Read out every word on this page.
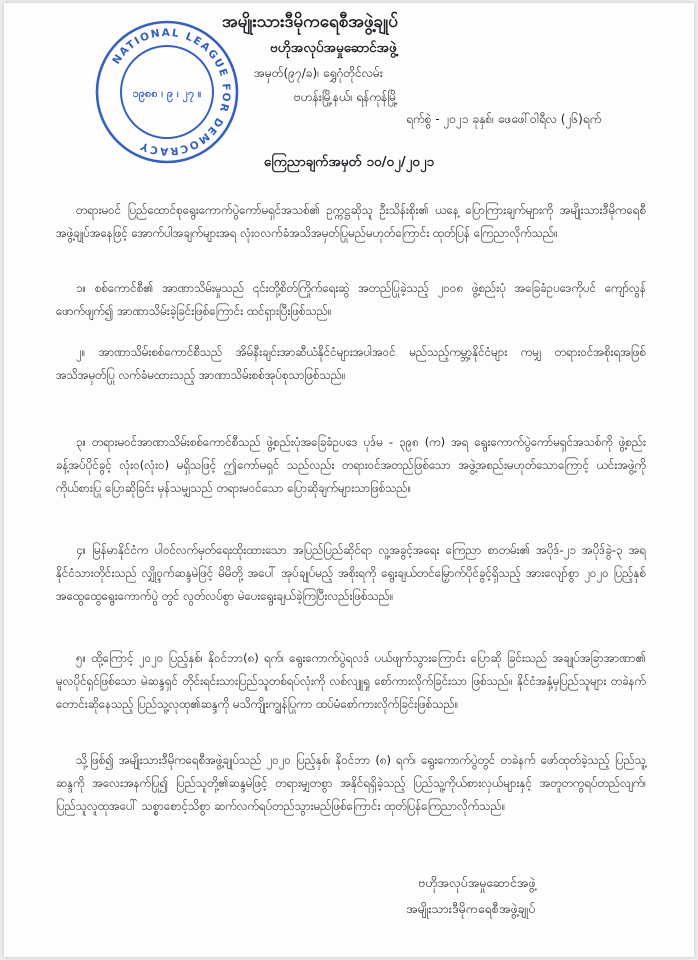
NATIONAL LEAGUE FOR DEMOCRACY
၁၉၈၈ ၊ ၉ ၊ ၂၇ ။
အမျိုးသားဒီမိုကရေစီအဖွဲ့ချုပ်
ဗဟိုအလုပ်အမှုဆောင်အဖွဲ့
အမှတ်(၉၇/ခ)၊ ရွှေဂုံတိုင်လမ်း
ဗဟန်းမြို့နယ်၊ ရန်ကုန်မြို့
ရက်စွဲ - ၂၀၂၁ ခုနှစ်၊ ဖေဖေါ်ဝါရီလ (၂၆)ရက်
ကြေညာချက်အမှတ် ၁၀/၀၂/၂၀၂၁
တရားမဝင် ပြည်ထောင်စုရွေးကောက်ပွဲကော်မရှင်အသစ်၏ ဥက္ကဋ္ဌဆိုသူ ဦးသိန်းစိုး၏ ယနေ့ ပြောကြားချက်များကို အမျိုးသားဒီမိုကရေစီအဖွဲ့ချုပ်အနေဖြင့် အောက်ပါအချက်များအရ လုံးဝလက်ခံအသိအမှတ်ပြုမည်မဟုတ်ကြောင်း ထုတ်ပြန် ကြေညာလိုက်သည်။
၁။ စစ်ကောင်စီ၏ အာဏာသိမ်းမှုသည် ၎င်းတို့စိတ်ကြိုက်ရေးဆွဲ အတည်ပြုခဲ့သည့် ၂၀၀၈ ဖွဲ့စည်းပုံ အခြေခံဥပဒေကိုပင် ကျော်လွန်ဖောက်ဖျက်၍ အာဏာသိမ်းခဲ့ခြင်းဖြစ်ကြောင်း ထင်ရှားပြီးဖြစ်သည်။
၂။ အာဏာသိမ်းစစ်ကောင်စီသည် အိမ်နီးချင်းအာဆီယံနိုင်ငံများအပါအဝင် မည်သည့်ကမ္ဘာ့နိုင်ငံများ ကမျှ တရားဝင်အစိုးရအဖြစ် အသိအမှတ်ပြု လက်ခံမထားသည့် အာဏာသိမ်းစစ်အုပ်စုသာဖြစ်သည်။
၃။ တရားမဝင်အာဏာသိမ်းစစ်ကောင်စီသည် ဖွဲ့စည်းပုံအခြေခံဥပဒေ ပုဒ်မ - ၃၉၈ (က) အရ ရွေးကောက်ပွဲကော်မရှင်အသစ်ကို ဖွဲ့စည်းခန့်အပ်ပိုင်ခွင့် လုံးဝ(လုံးဝ) မရှိသဖြင့် ဤကော်မရှင် သည်လည်း တရားဝင်အတည်ဖြစ်သော အဖွဲ့အစည်းမဟုတ်သောကြောင့် ယင်းအဖွဲ့ကို ကိုယ်စားပြု ပြောဆိုခြင်း မှန်သမျှသည် တရားမဝင်သော ပြောဆိုချက်များသာဖြစ်သည်။
၄။ မြန်မာနိုင်ငံက ပါဝင်လက်မှတ်ရေးထိုးထားသော အပြည်ပြည်ဆိုင်ရာ လူ့အခွင့်အရေး ကြေညာ စာတမ်း၏ အပိုဒ်-၂၁ အပိုဒ်ခွဲ-၃ အရ နိုင်ငံသားတိုင်းသည် လျှို့ဝှက်ဆန္ဒမဲဖြင့် မိမိတို့ အပေါ် အုပ်ချုပ်မည့် အစိုးရကို ရွေးချယ်တင်မြှောက်ပိုင်ခွင့်ရှိသည့် အားလျော်စွာ ၂၀၂၀ ပြည့်နှစ် အထွေထွေရွေးကောက်ပွဲ တွင် လွတ်လပ်စွာ မဲပေးရွေးချယ်ခဲ့ကြပြီးလည်းဖြစ်သည်။
၅။ ထို့ကြောင့် ၂၀၂၀ ပြည့်နှစ်၊ နိုဝင်ဘာ(၈) ရက်၊ ရွေးကောက်ပွဲရလဒ် ပယ်ဖျက်သွားကြောင်း ပြောဆို ခြင်းသည် အချုပ်အခြာအာဏာ၏ မူလပိုင်ရှင်ဖြစ်သော မဲဆန္ဒရှင် တိုင်းရင်းသားပြည်သူတစ်ရပ်လုံးကို လစ်လျူရှု စော်ကားလိုက်ခြင်းသာ ဖြစ်သည်။ နိုင်ငံအနှံ့မှပြည်သူများ တခဲနက် တောင်းဆိုနေသည့် ပြည်သူ့လုထု၏ဆန္ဒကို မသိကျိုးကျွန်ပြုကာ ထပ်မံစော်ကားလိုက်ခြင်းဖြစ်သည်။
သို့ဖြစ်၍ အမျိုးသားဒီမိုကရေစီအဖွဲ့ချုပ်သည် ၂၀၂၀ ပြည့်နှစ်၊ နိုဝင်ဘာ (၈) ရက်၊ ရွေးကောက်ပွဲတွင် တခဲနက် ဖော်ထုတ်ခဲ့သည့် ပြည်သူ့ဆန္ဒကို အလေးအနက်ပြု၍ ပြည်သူတို့၏ဆန္ဒမဲဖြင့် တရားမျှတစွာ အနိုင်ရရှိခဲ့သည့် ပြည်သူ့ကိုယ်စားလှယ်များနှင့် အတူတကွရပ်တည်လျက်၊ ပြည်သူလူထုအပေါ် သစ္စာစောင့်သိစွာ ဆက်လက်ရပ်တည်သွားမည်ဖြစ်ကြောင်း ထုတ်ပြန်ကြေညာလိုက်သည်။
ဗဟိုအလုပ်အမှုဆောင်အဖွဲ့
အမျိုးသားဒီမိုကရေစီအဖွဲ့ချုပ်
